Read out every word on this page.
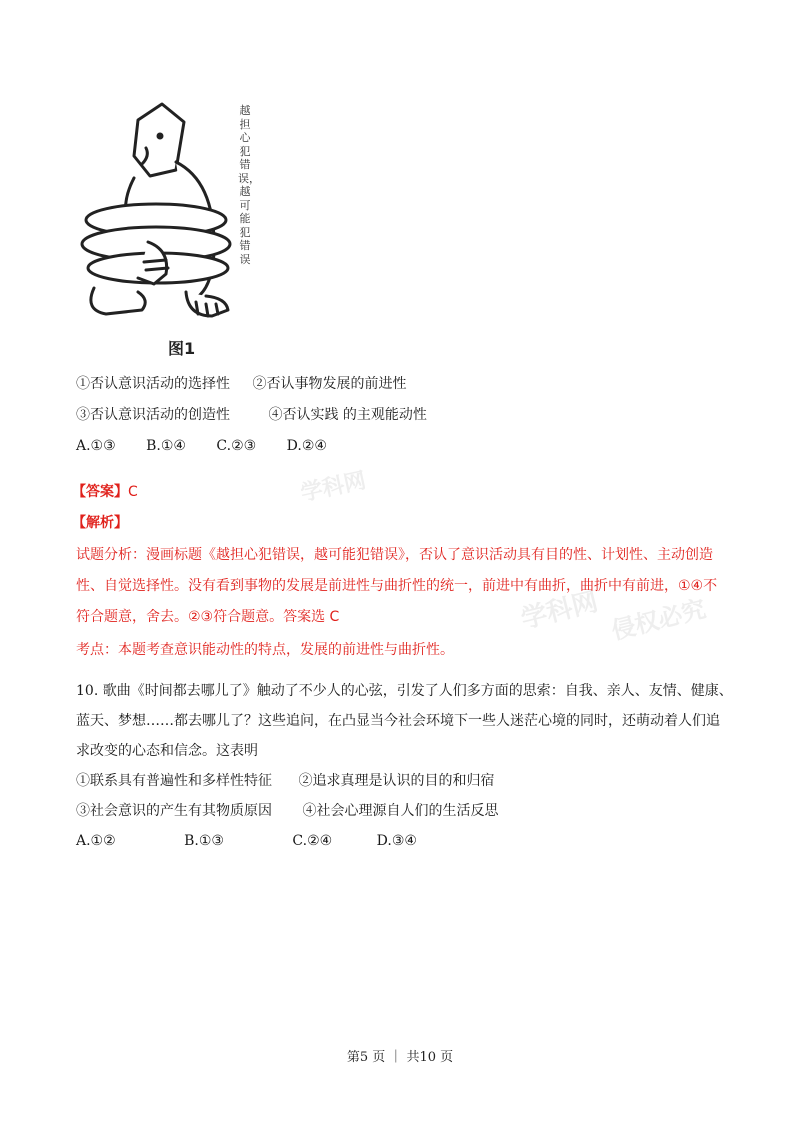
学科网
学科网 侵权必究
越担心犯错误，越可能犯错误
图1
①否认意识活动的选择性 ②否认事物发展的前进性
③否认意识活动的创造性	④否认实践 的主观能动性
A.①③ B.①④ C.②③ D.②④
【答案】C
【解析】
试题分析：漫画标题《越担心犯错误，越可能犯错误》，否认了意识活动具有目的性、计划性、主动创造
性、自觉选择性。没有看到事物的发展是前进性与曲折性的统一，前进中有曲折，曲折中有前进，①④不
符合题意，舍去。②③符合题意。答案选 C
考点：本题考查意识能动性的特点，发展的前进性与曲折性。
10. 歌曲《时间都去哪儿了》触动了不少人的心弦，引发了人们多方面的思索：自我、亲人、友情、健康、
蓝天、梦想……都去哪儿了？这些追问，在凸显当今社会环境下一些人迷茫心境的同时，还萌动着人们追
求改变的心态和信念。这表明
①联系具有普遍性和多样性特征 ②追求真理是认识的目的和归宿
③社会意识的产生有其物质原因 ④社会心理源自人们的生活反思
A.①②	B.①③	C.②④	D.③④
第5 页 ｜ 共10 页
